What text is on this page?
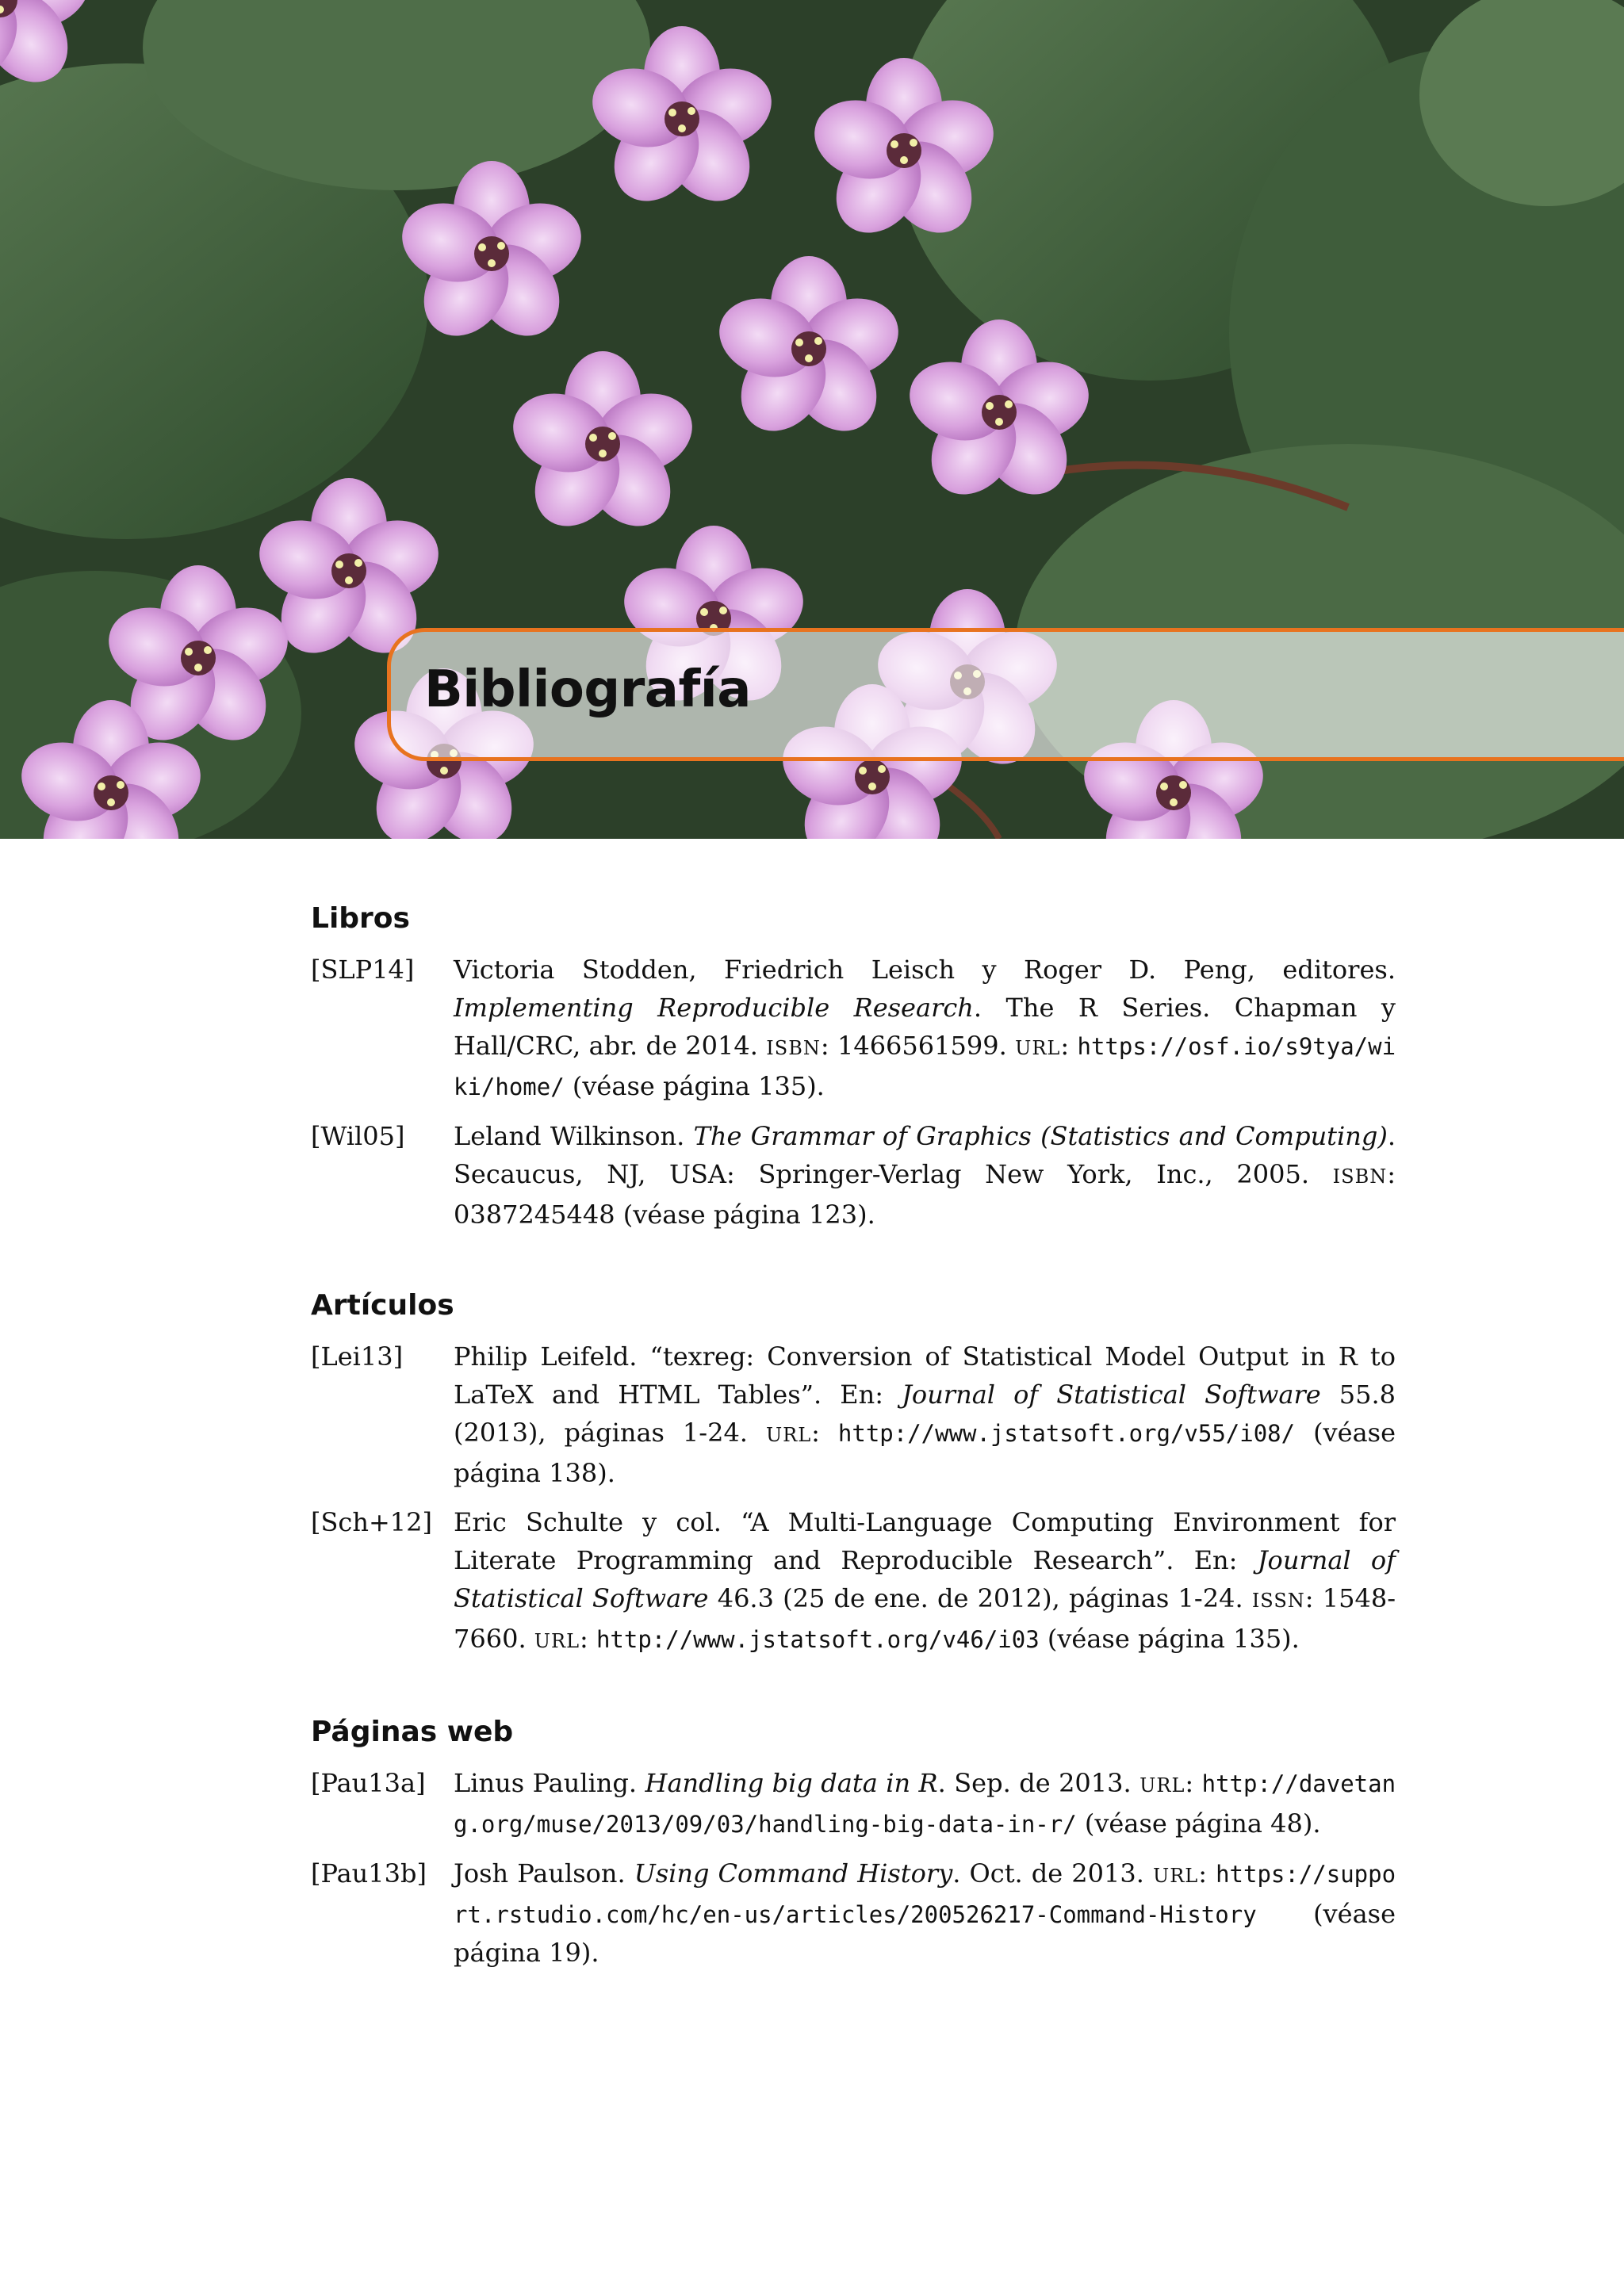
Bibliografía
Libros
[SLP14]	Victoria Stodden, Friedrich Leisch y Roger D. Peng, editores. Implementing Reproducible Research. The R Series. Chapman y Hall/CRC, abr. de 2014. ISBN: 1466561599. URL: https://osf.io/s9tya/wiki/home/ (véase página 135).
[Wil05]	Leland Wilkinson. The Grammar of Graphics (Statistics and Computing). Secaucus, NJ, USA: Springer-Verlag New York, Inc., 2005. ISBN: 0387245448 (véase página 123).
Artículos
[Lei13]	Philip Leifeld. “texreg: Conversion of Statistical Model Output in R to LaTeX and HTML Tables”. En: Journal of Statistical Software 55.8 (2013), páginas 1-24. URL: http://www.jstatsoft.org/v55/i08/ (véase página 138).
[Sch+12] Eric Schulte y col. “A Multi-Language Computing Environment for Literate Programming and Reproducible Research”. En: Journal of Statistical Software 46.3 (25 de ene. de 2012), páginas 1-24. ISSN: 1548-7660. URL: http://www.jstatsoft.org/v46/i03 (véase página 135).
Páginas web
[Pau13a]	Linus Pauling. Handling big data in R. Sep. de 2013. URL: http://davetang.org/muse/2013/09/03/handling-big-data-in-r/ (véase página 48).
[Pau13b]	Josh Paulson. Using Command History. Oct. de 2013. URL: https://support.rstudio.com/hc/en-us/articles/200526217-Command-History (véase página 19).
